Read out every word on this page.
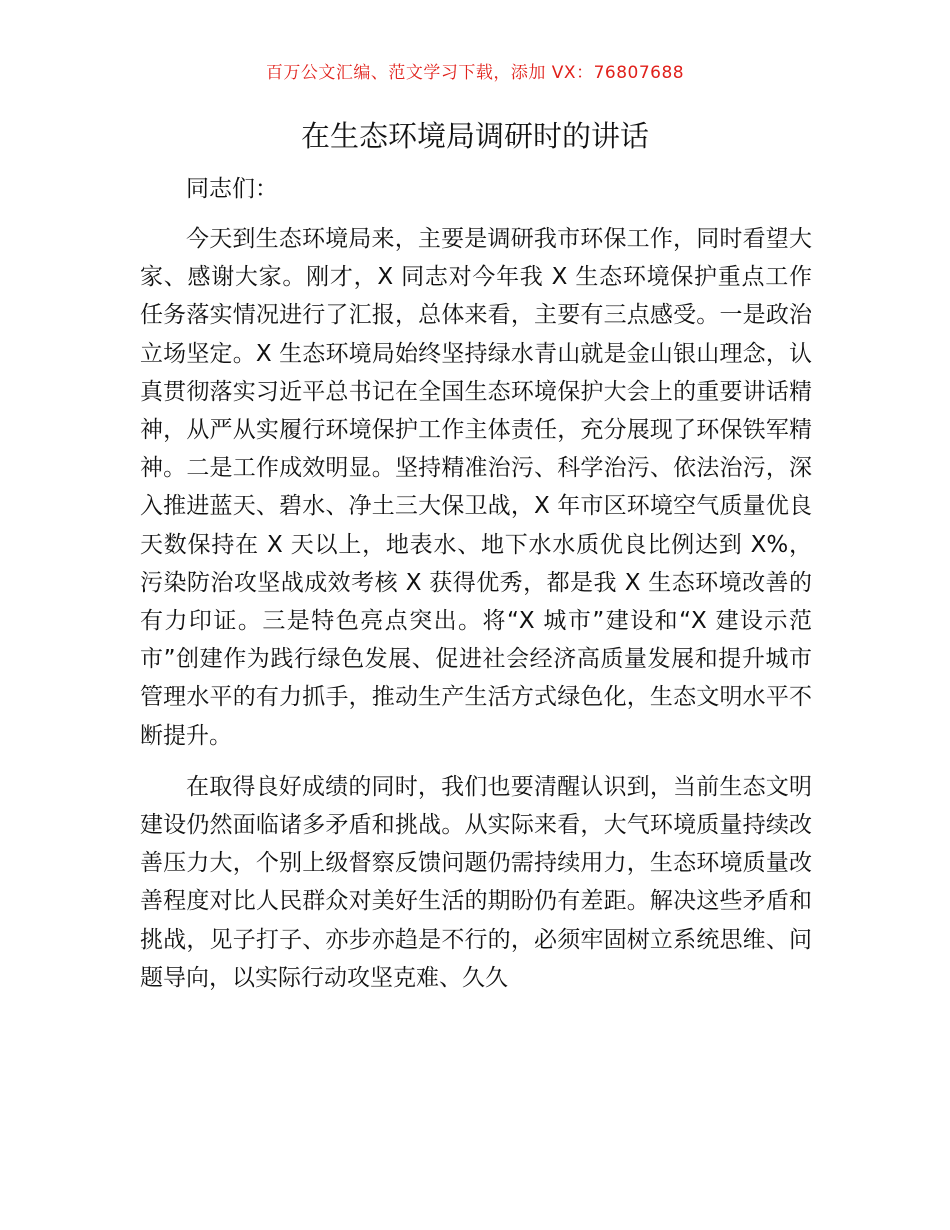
百万公文汇编、范文学习下载，添加 VX：76807688
在生态环境局调研时的讲话

同志们：

今天到生态环境局来，主要是调研我市环保工作，同时看望大家、感谢大家。刚才，X 同志对今年我 X 生态环境保护重点工作任务落实情况进行了汇报，总体来看，主要有三点感受。一是政治立场坚定。X 生态环境局始终坚持绿水青山就是金山银山理念，认真贯彻落实习近平总书记在全国生态环境保护大会上的重要讲话精神，从严从实履行环境保护工作主体责任，充分展现了环保铁军精神。二是工作成效明显。坚持精准治污、科学治污、依法治污，深入推进蓝天、碧水、净土三大保卫战，X 年市区环境空气质量优良天数保持在 X 天以上，地表水、地下水水质优良比例达到 X%，污染防治攻坚战成效考核 X 获得优秀，都是我 X 生态环境改善的有力印证。三是特色亮点突出。将“X 城市”建设和“X 建设示范市”创建作为践行绿色发展、促进社会经济高质量发展和提升城市管理水平的有力抓手，推动生产生活方式绿色化，生态文明水平不断提升。

在取得良好成绩的同时，我们也要清醒认识到，当前生态文明建设仍然面临诸多矛盾和挑战。从实际来看，大气环境质量持续改善压力大，个别上级督察反馈问题仍需持续用力，生态环境质量改善程度对比人民群众对美好生活的期盼仍有差距。解决这些矛盾和挑战，见子打子、亦步亦趋是不行的，必须牢固树立系统思维、问题导向，以实际行动攻坚克难、久久
